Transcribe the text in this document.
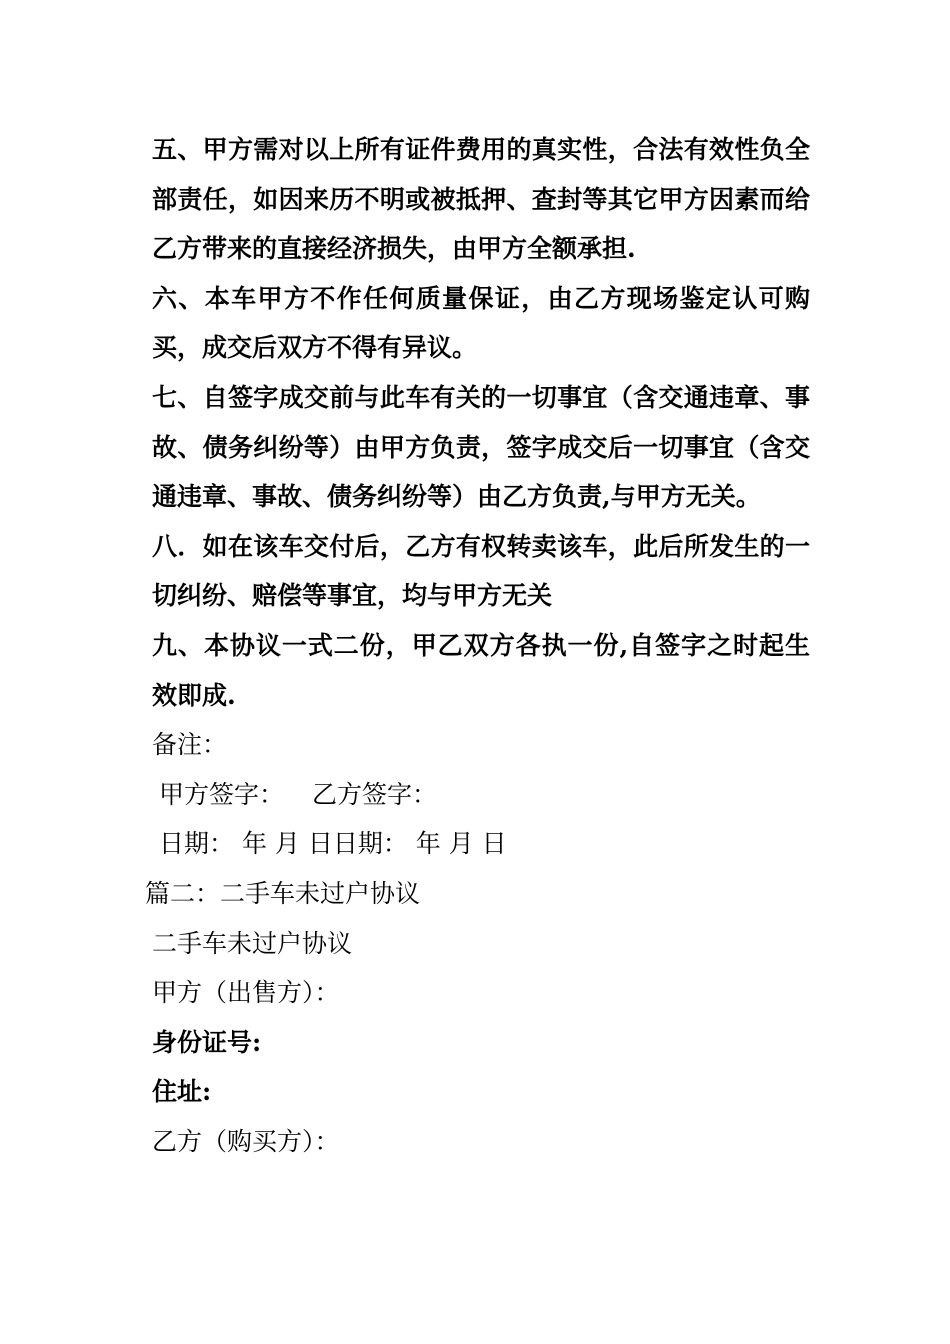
五、甲方需对以上所有证件费用的真实性，合法有效性负全部责任，如因来历不明或被抵押、查封等其它甲方因素而给乙方带来的直接经济损失，由甲方全额承担.

六、本车甲方不作任何质量保证，由乙方现场鉴定认可购买，成交后双方不得有异议。

七、自签字成交前与此车有关的一切事宜（含交通违章、事故、债务纠纷等）由甲方负责，签字成交后一切事宜（含交通违章、事故、债务纠纷等）由乙方负责,与甲方无关。

八．如在该车交付后，乙方有权转卖该车，此后所发生的一切纠纷、赔偿等事宜，均与甲方无关

九、本协议一式二份，甲乙双方各执一份,自签字之时起生效即成.

备注：

甲方签字： 乙方签字：

日期： 年 月 日日期： 年 月 日

篇二：二手车未过户协议

二手车未过户协议

甲方（出售方）：

身份证号:

住址:

乙方（购买方）：
